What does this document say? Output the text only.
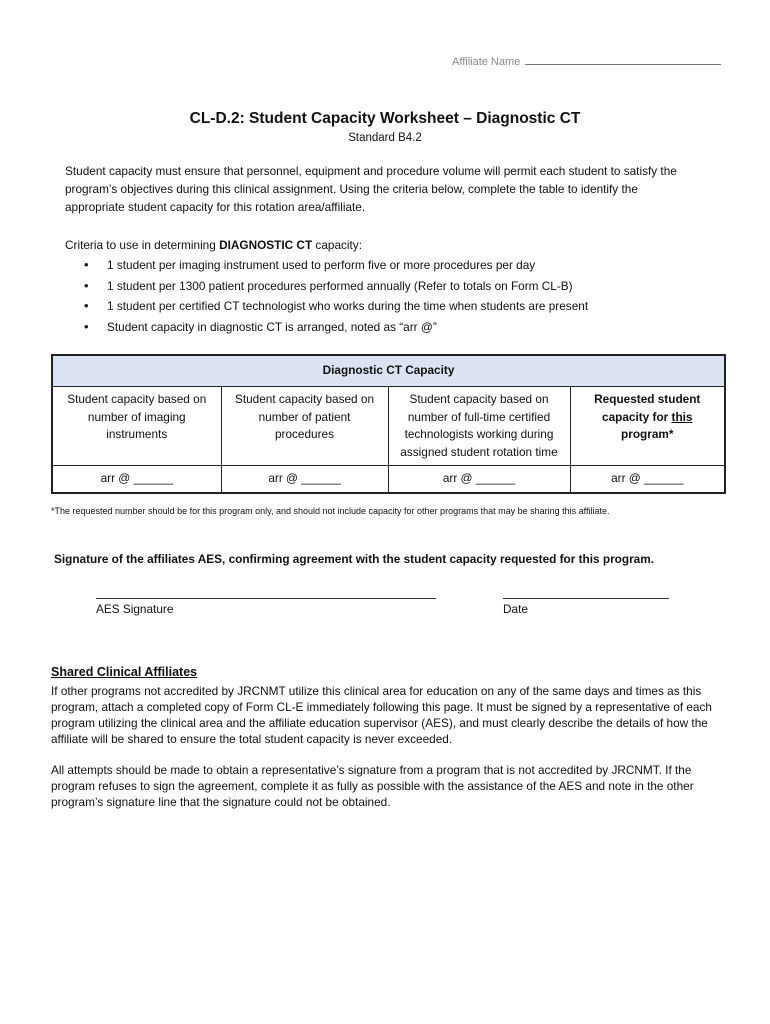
Affiliate Name
CL-D.2: Student Capacity Worksheet – Diagnostic CT
Standard B4.2
Student capacity must ensure that personnel, equipment and procedure volume will permit each student to satisfy the program’s objectives during this clinical assignment. Using the criteria below, complete the table to identify the appropriate student capacity for this rotation area/affiliate.
Criteria to use in determining DIAGNOSTIC CT capacity:
• 1 student per imaging instrument used to perform five or more procedures per day
• 1 student per 1300 patient procedures performed annually (Refer to totals on Form CL-B)
• 1 student per certified CT technologist who works during the time when students are present
• Student capacity in diagnostic CT is arranged, noted as “arr @”
Diagnostic CT Capacity			
Student capacity based on number of imaging instruments	Student capacity based on number of patient procedures	Student capacity based on number of full-time certified technologists working during assigned student rotation time	Requested student capacity for this program*
arr @ ______	arr @ ______	arr @ ______	arr @ ______
*The requested number should be for this program only, and should not include capacity for other programs that may be sharing this affiliate.
Signature of the affiliates AES, confirming agreement with the student capacity requested for this program.
AES Signature	Date
Shared Clinical Affiliates
If other programs not accredited by JRCNMT utilize this clinical area for education on any of the same days and times as this program, attach a completed copy of Form CL-E immediately following this page. It must be signed by a representative of each program utilizing the clinical area and the affiliate education supervisor (AES), and must clearly describe the details of how the affiliate will be shared to ensure the total student capacity is never exceeded.
All attempts should be made to obtain a representative’s signature from a program that is not accredited by JRCNMT. If the program refuses to sign the agreement, complete it as fully as possible with the assistance of the AES and note in the other program’s signature line that the signature could not be obtained.
